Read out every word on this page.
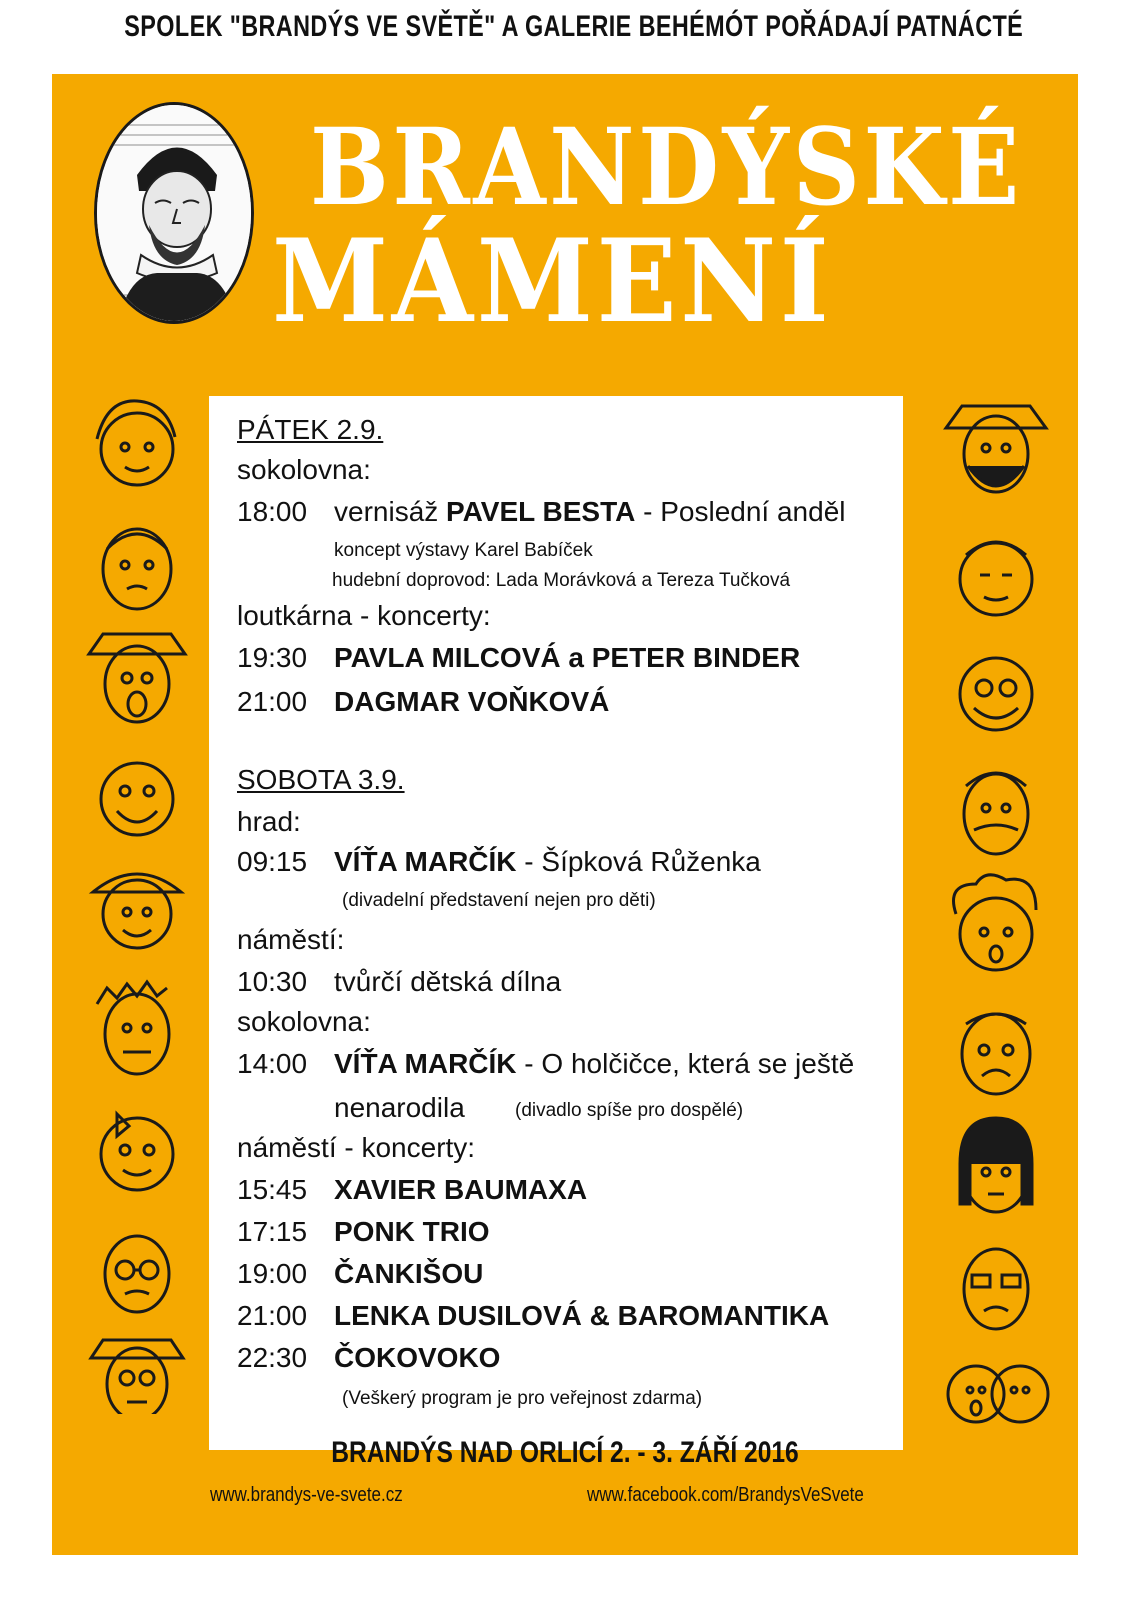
SPOLEK "BRANDÝS VE SVĚTĚ" A GALERIE BEHÉMÓT POŘÁDAJÍ PATNÁCTÉ
BRANDÝSKÉ
MÁMENÍ
PÁTEK 2.9.
sokolovna:
18:00 vernisáž PAVEL BESTA - Poslední anděl
koncept výstavy Karel Babíček
hudební doprovod: Lada Morávková a Tereza Tučková
loutkárna - koncerty:
19:30 PAVLA MILCOVÁ a PETER BINDER
21:00 DAGMAR VOŇKOVÁ
SOBOTA 3.9.
hrad:
09:15 VÍŤA MARČÍK - Šípková Růženka
(divadelní představení nejen pro děti)
náměstí:
10:30 tvůrčí dětská dílna
sokolovna:
14:00 VÍŤA MARČÍK - O holčičce, která se ještě
nenarodila	(divadlo spíše pro dospělé)
náměstí - koncerty:
15:45 XAVIER BAUMAXA
17:15 PONK TRIO
19:00 ČANKIŠOU
21:00 LENKA DUSILOVÁ & BAROMANTIKA
22:30 ČOKOVOKO
(Veškerý program je pro veřejnost zdarma)
BRANDÝS NAD ORLICÍ 2. - 3. ZÁŘÍ 2016
www.brandys-ve-svete.cz	www.facebook.com/BrandysVeSvete
